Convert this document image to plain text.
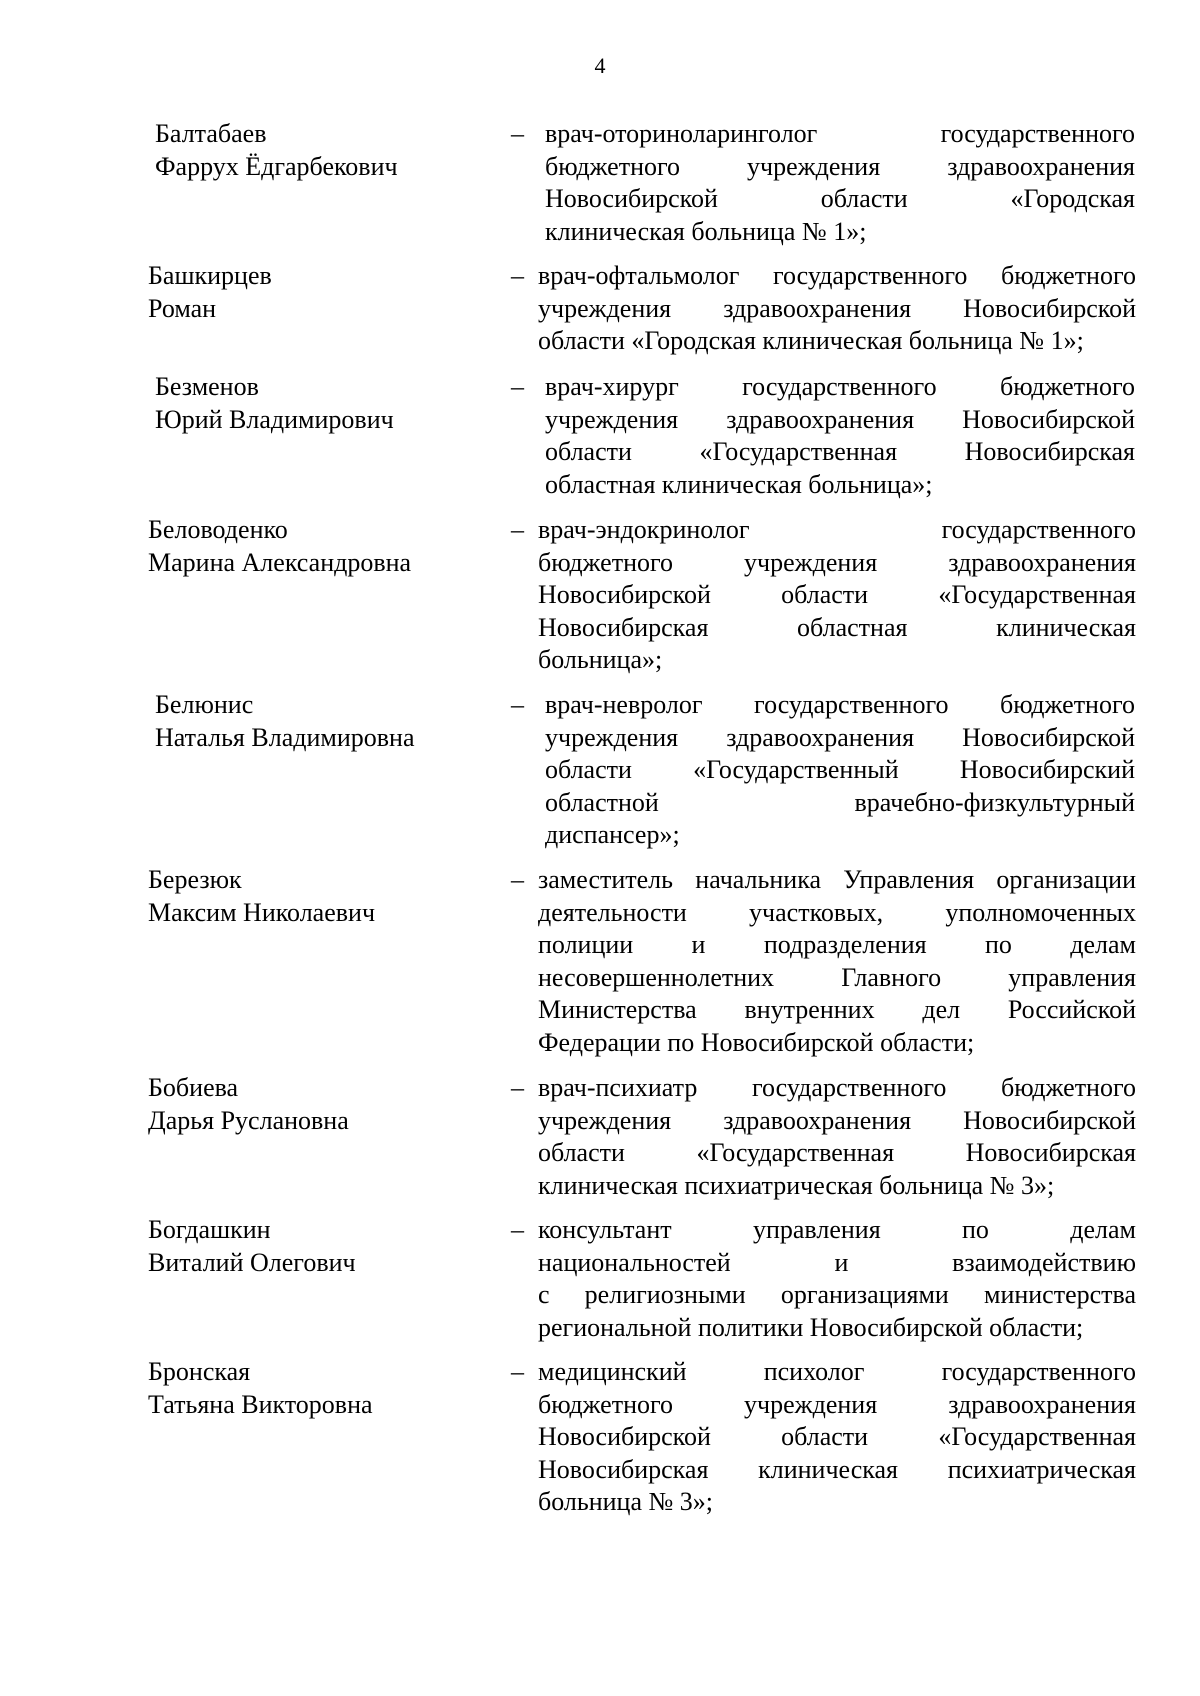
4
Балтабаев
Фаррух Ёдгарбекович
– врач-оториноларинголог государственного
бюджетного учреждения здравоохранения
Новосибирской области «Городская
клиническая больница № 1»;
Башкирцев
Роман
– врач-офтальмолог государственного бюджетного
учреждения здравоохранения Новосибирской
области «Городская клиническая больница № 1»;
Безменов
Юрий Владимирович
– врач-хирург государственного бюджетного
учреждения здравоохранения Новосибирской
области «Государственная Новосибирская
областная клиническая больница»;
Беловоденко
Марина Александровна
– врач-эндокринолог государственного
бюджетного учреждения здравоохранения
Новосибирской области «Государственная
Новосибирская областная клиническая
больница»;
Белюнис
Наталья Владимировна
– врач-невролог государственного бюджетного
учреждения здравоохранения Новосибирской
области «Государственный Новосибирский
областной врачебно-физкультурный
диспансер»;
Березюк
Максим Николаевич
– заместитель начальника Управления организации
деятельности участковых, уполномоченных
полиции и подразделения по делам
несовершеннолетних Главного управления
Министерства внутренних дел Российской
Федерации по Новосибирской области;
Бобиева
Дарья Руслановна
– врач-психиатр государственного бюджетного
учреждения здравоохранения Новосибирской
области «Государственная Новосибирская
клиническая психиатрическая больница № 3»;
Богдашкин
Виталий Олегович
– консультант управления по делам
национальностей и взаимодействию
с религиозными организациями министерства
региональной политики Новосибирской области;
Бронская
Татьяна Викторовна
– медицинский психолог государственного
бюджетного учреждения здравоохранения
Новосибирской области «Государственная
Новосибирская клиническая психиатрическая
больница № 3»;
